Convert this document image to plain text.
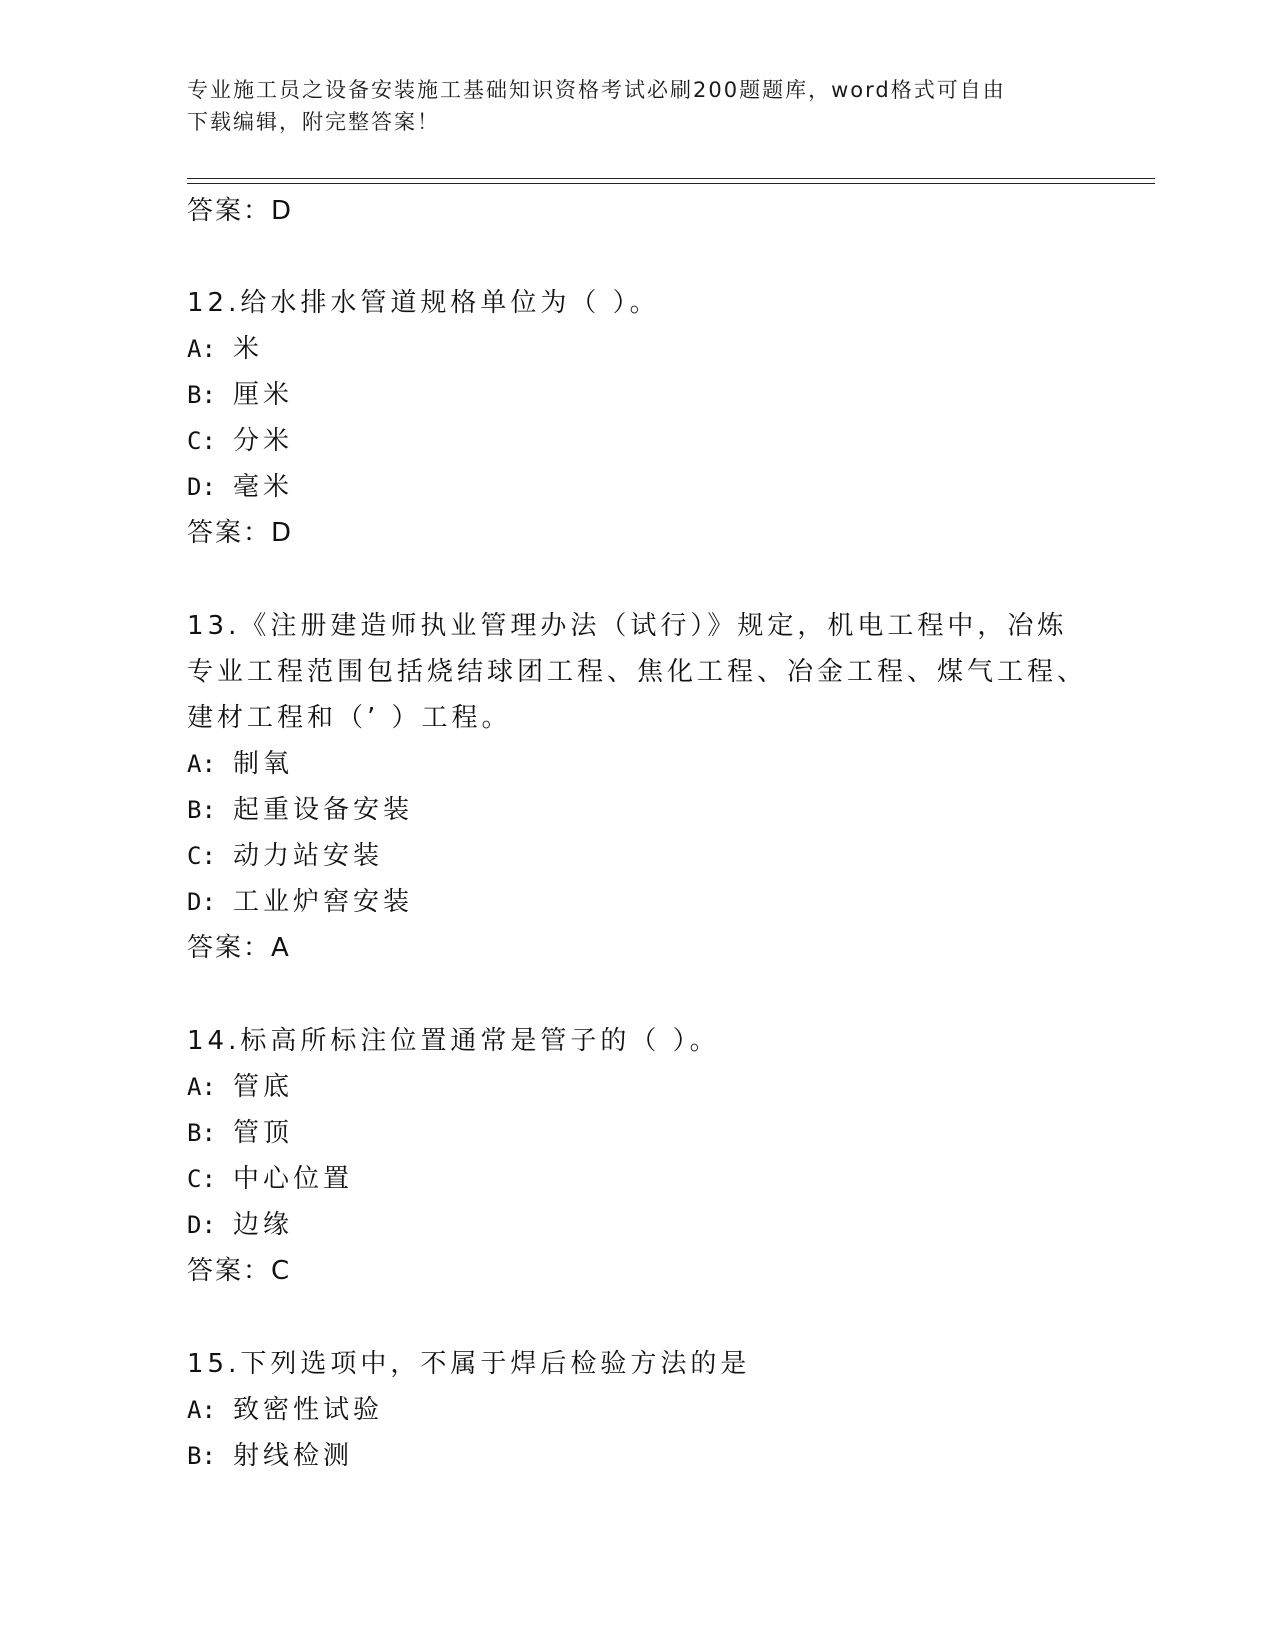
专业施工员之设备安装施工基础知识资格考试必刷200题题库，word格式可自由
下载编辑，附完整答案！
答案：D
12.给水排水管道规格单位为（ ）。
A: 米
B: 厘米
C: 分米
D: 毫米
答案：D
13.《注册建造师执业管理办法（试行）》规定，机电工程中，冶炼专业工程范围包括烧结球团工程、焦化工程、冶金工程、煤气工程、建材工程和（’ ）工程。
A: 制氧
B: 起重设备安装
C: 动力站安装
D: 工业炉窖安装
答案：A
14.标高所标注位置通常是管子的（ ）。
A: 管底
B: 管顶
C: 中心位置
D: 边缘
答案：C
15.下列选项中，不属于焊后检验方法的是
A: 致密性试验
B: 射线检测
